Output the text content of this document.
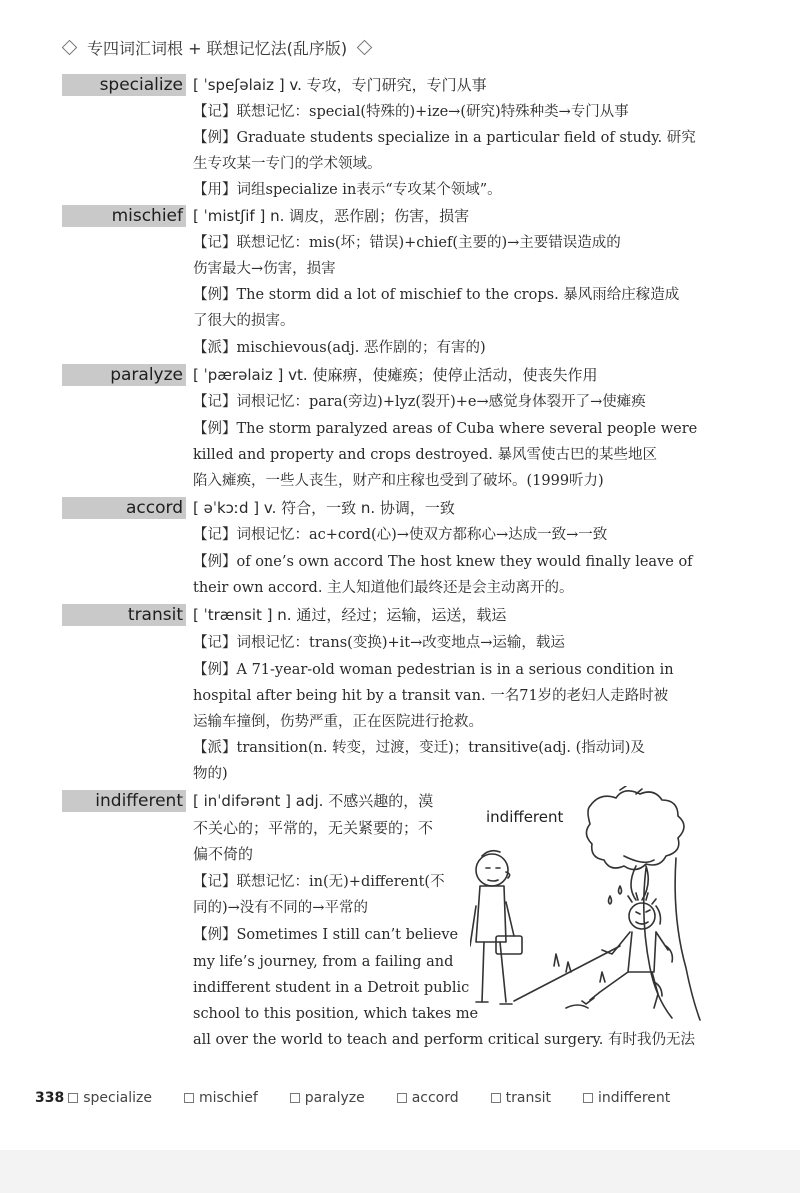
专四词汇词根 + 联想记忆法(乱序版)
specialize [ ˈspeʃəlaiz ] v. 专攻，专门研究，专门从事
【记】联想记忆：special(特殊的)+ize→(研究)特殊种类→专门从事
【例】Graduate students specialize in a particular field of study. 研究
生专攻某一专门的学术领域。
【用】词组specialize in表示“专攻某个领域”。
mischief [ ˈmistʃif ] n. 调皮，恶作剧；伤害，损害
【记】联想记忆：mis(坏；错误)+chief(主要的)→主要错误造成的
伤害最大→伤害，损害
【例】The storm did a lot of mischief to the crops. 暴风雨给庄稼造成
了很大的损害。
【派】mischievous(adj. 恶作剧的；有害的)
paralyze [ ˈpærəlaiz ] vt. 使麻痹，使瘫痪；使停止活动，使丧失作用
【记】词根记忆：para(旁边)+lyz(裂开)+e→感觉身体裂开了→使瘫痪
【例】The storm paralyzed areas of Cuba where several people were
killed and property and crops destroyed. 暴风雪使古巴的某些地区
陷入瘫痪，一些人丧生，财产和庄稼也受到了破坏。(1999听力)
accord [ əˈkɔːd ] v. 符合，一致 n. 协调，一致
【记】词根记忆：ac+cord(心)→使双方都称心→达成一致→一致
【例】of one’s own accord The host knew they would finally leave of
their own accord. 主人知道他们最终还是会主动离开的。
transit [ ˈtrænsit ] n. 通过，经过；运输，运送，载运
【记】词根记忆：trans(变换)+it→改变地点→运输，载运
【例】A 71-year-old woman pedestrian is in a serious condition in
hospital after being hit by a transit van. 一名71岁的老妇人走路时被
运输车撞倒，伤势严重，正在医院进行抢救。
【派】transition(n. 转变，过渡，变迁)；transitive(adj. (指动词)及
物的)
indifferent [ inˈdifərənt ] adj. 不感兴趣的，漠
不关心的；平常的，无关紧要的；不
偏不倚的
【记】联想记忆：in(无)+different(不
同的)→没有不同的→平常的
【例】Sometimes I still can’t believe
my life’s journey, from a failing and
indifferent student in a Detroit public
school to this position, which takes me
all over the world to teach and perform critical surgery. 有时我仍无法
indifferent
338 specialize	mischief	paralyze	accord	transit	indifferent
